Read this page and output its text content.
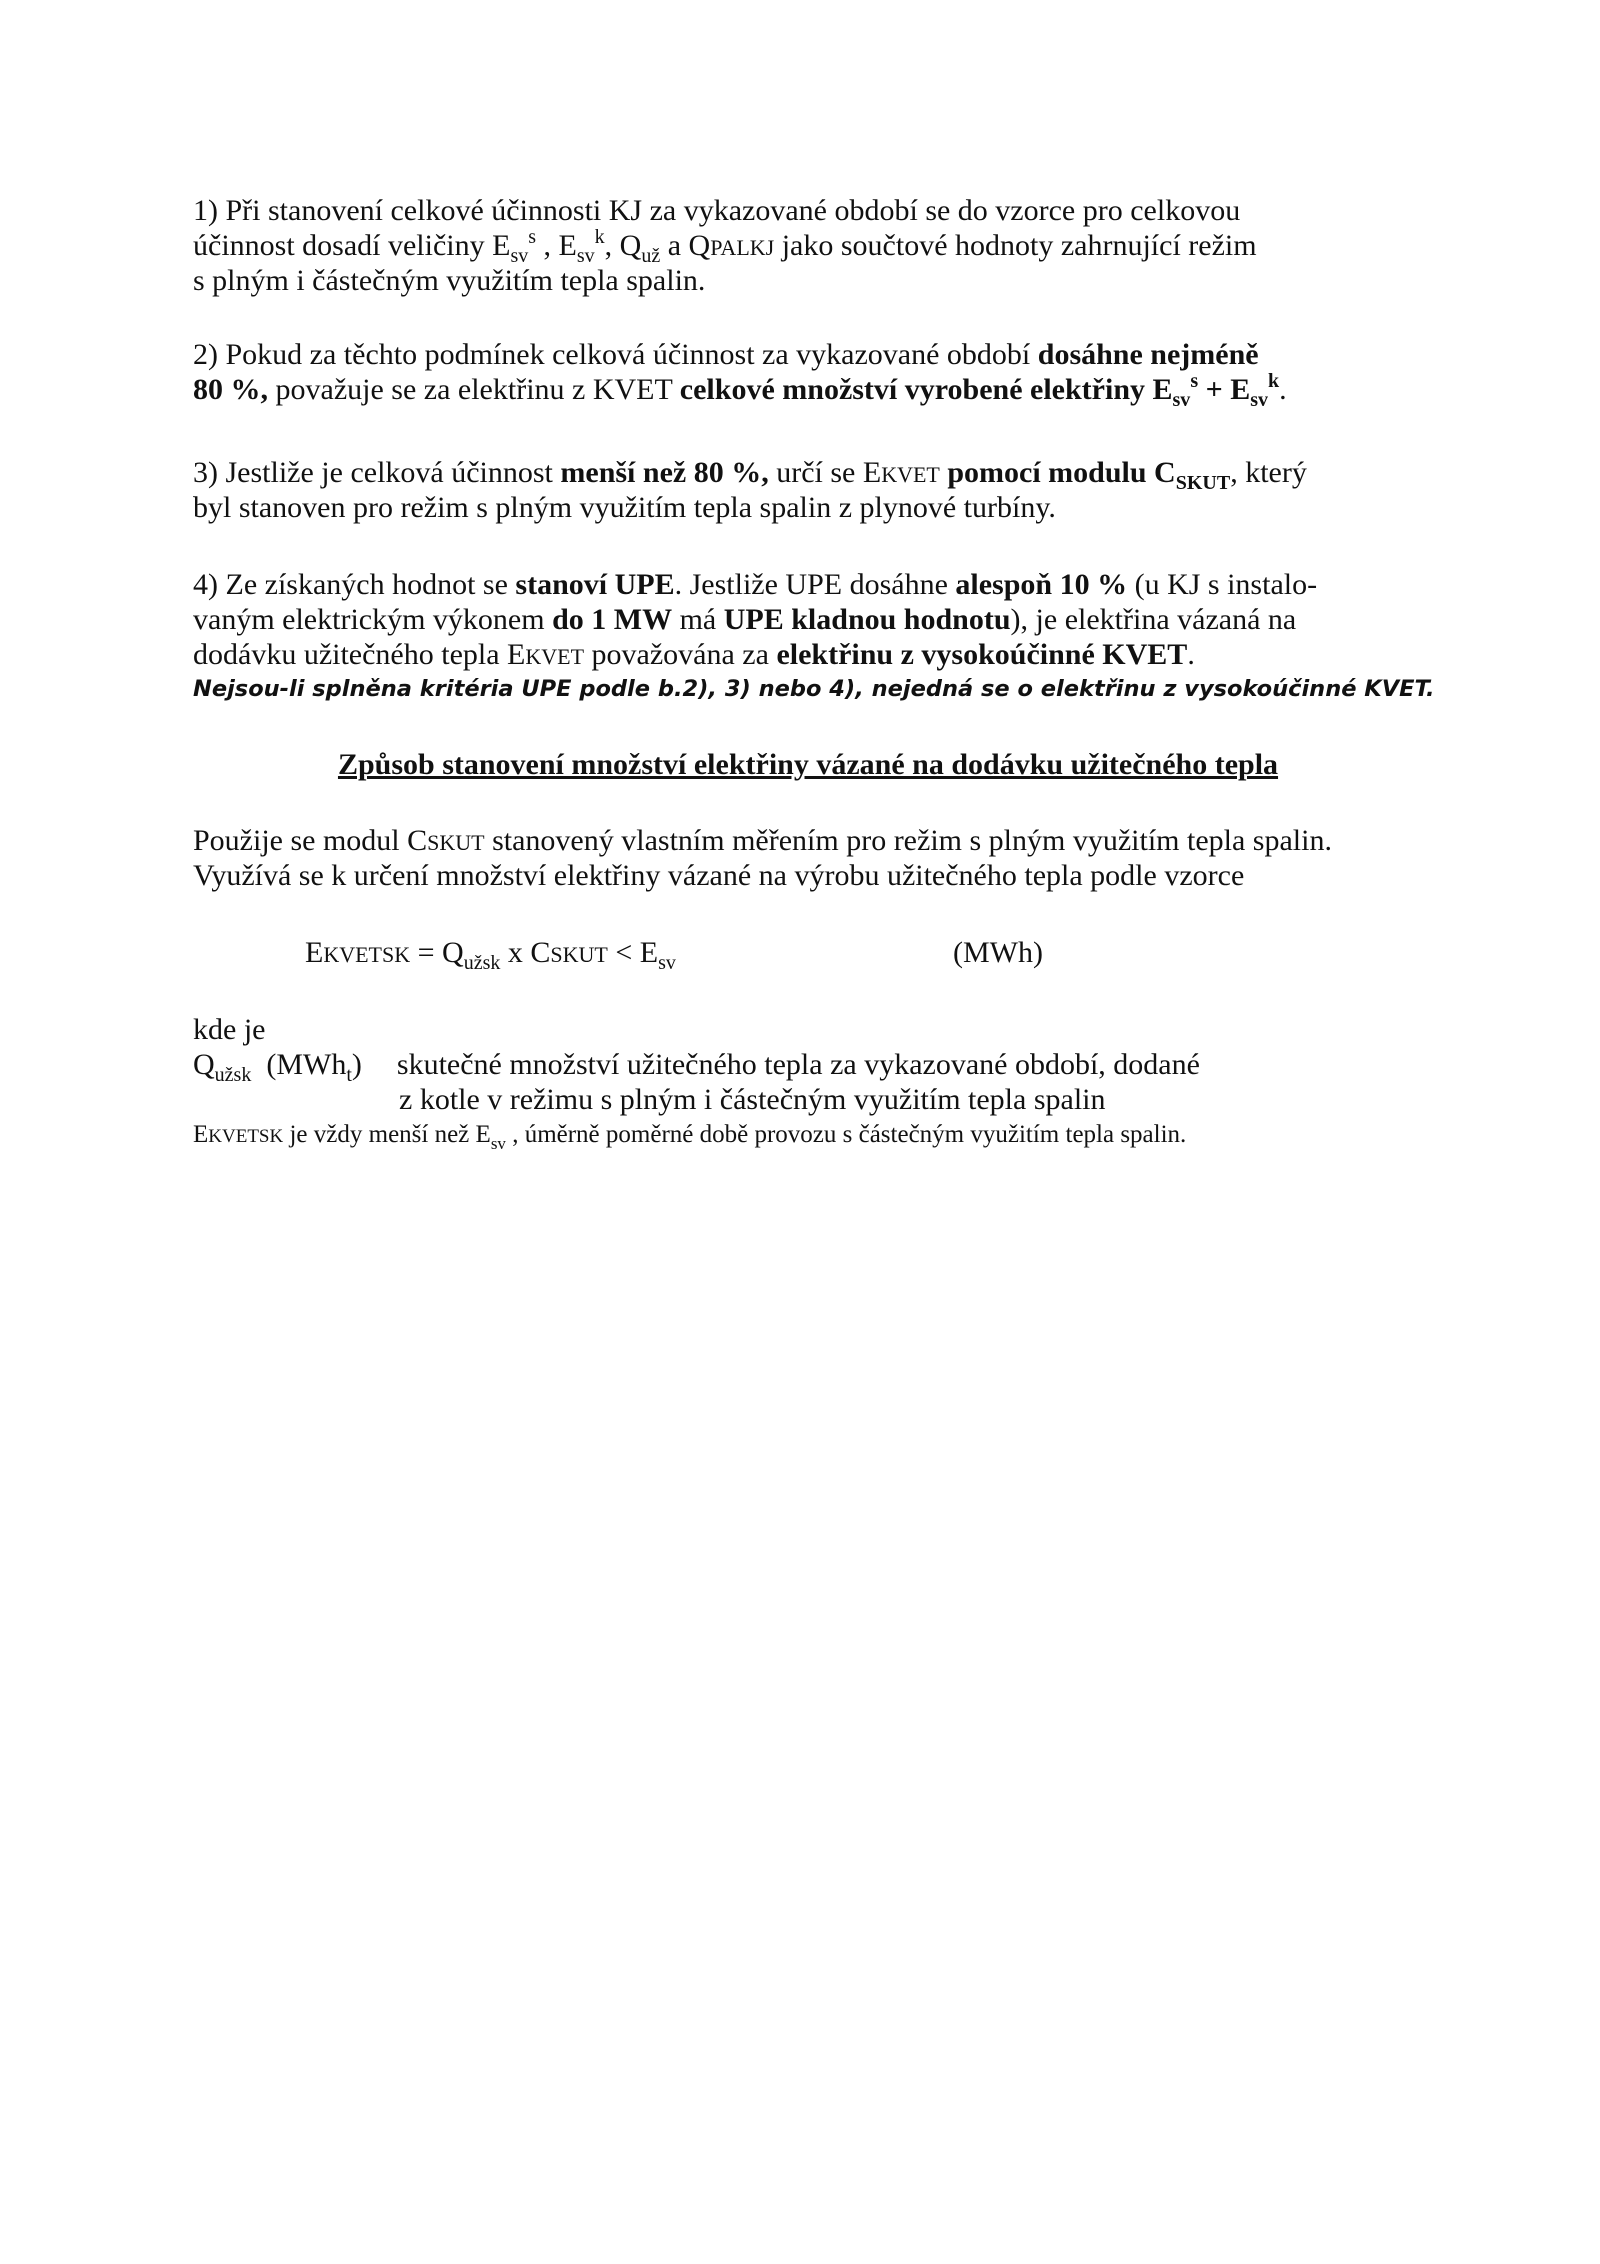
1) Při stanovení celkové účinnosti KJ za vykazované období se do vzorce pro celkovou
účinnost dosadí veličiny $E_{sv}^s$ , $E_{sv}^k$, $Q_{už}$ a QPALKJ jako součtové hodnoty zahrnující režim
s plným i částečným využitím tepla spalin.
2) Pokud za těchto podmínek celková účinnost za vykazované období dosáhne nejméně
80 %, považuje se za elektřinu z KVET celkové množství vyrobené elektřiny $E_{sv}^s + E_{sv}^k$.
3) Jestliže je celková účinnost menší než 80 %, určí se EKVET pomocí modulu $C_{SKUT}$, který
byl stanoven pro režim s plným využitím tepla spalin z plynové turbíny.
4) Ze získaných hodnot se stanoví UPE. Jestliže UPE dosáhne alespoň 10 % (u KJ s instalo-
vaným elektrickým výkonem do 1 MW má UPE kladnou hodnotu), je elektřina vázaná na
dodávku užitečného tepla EKVET považována za elektřinu z vysokoúčinné KVET.
Nejsou-li splněna kritéria UPE podle b.2), 3) nebo 4), nejedná se o elektřinu z vysokoúčinné KVET.
Způsob stanovení množství elektřiny vázané na dodávku užitečného tepla
Použije se modul CSKUT stanovený vlastním měřením pro režim s plným využitím tepla spalin.
Využívá se k určení množství elektřiny vázané na výrobu užitečného tepla podle vzorce
EKVETSK = $Q_{užsk}$ x CSKUT < $E_{sv}$	(MWh)
kde je
$Q_{užsk}$  (MWh$_t$) skutečné množství užitečného tepla za vykazované období, dodané
z kotle v režimu s plným i částečným využitím tepla spalin
EKVETSK je vždy menší než $E_{sv}$ , úměrně poměrné době provozu s částečným využitím tepla spalin.
